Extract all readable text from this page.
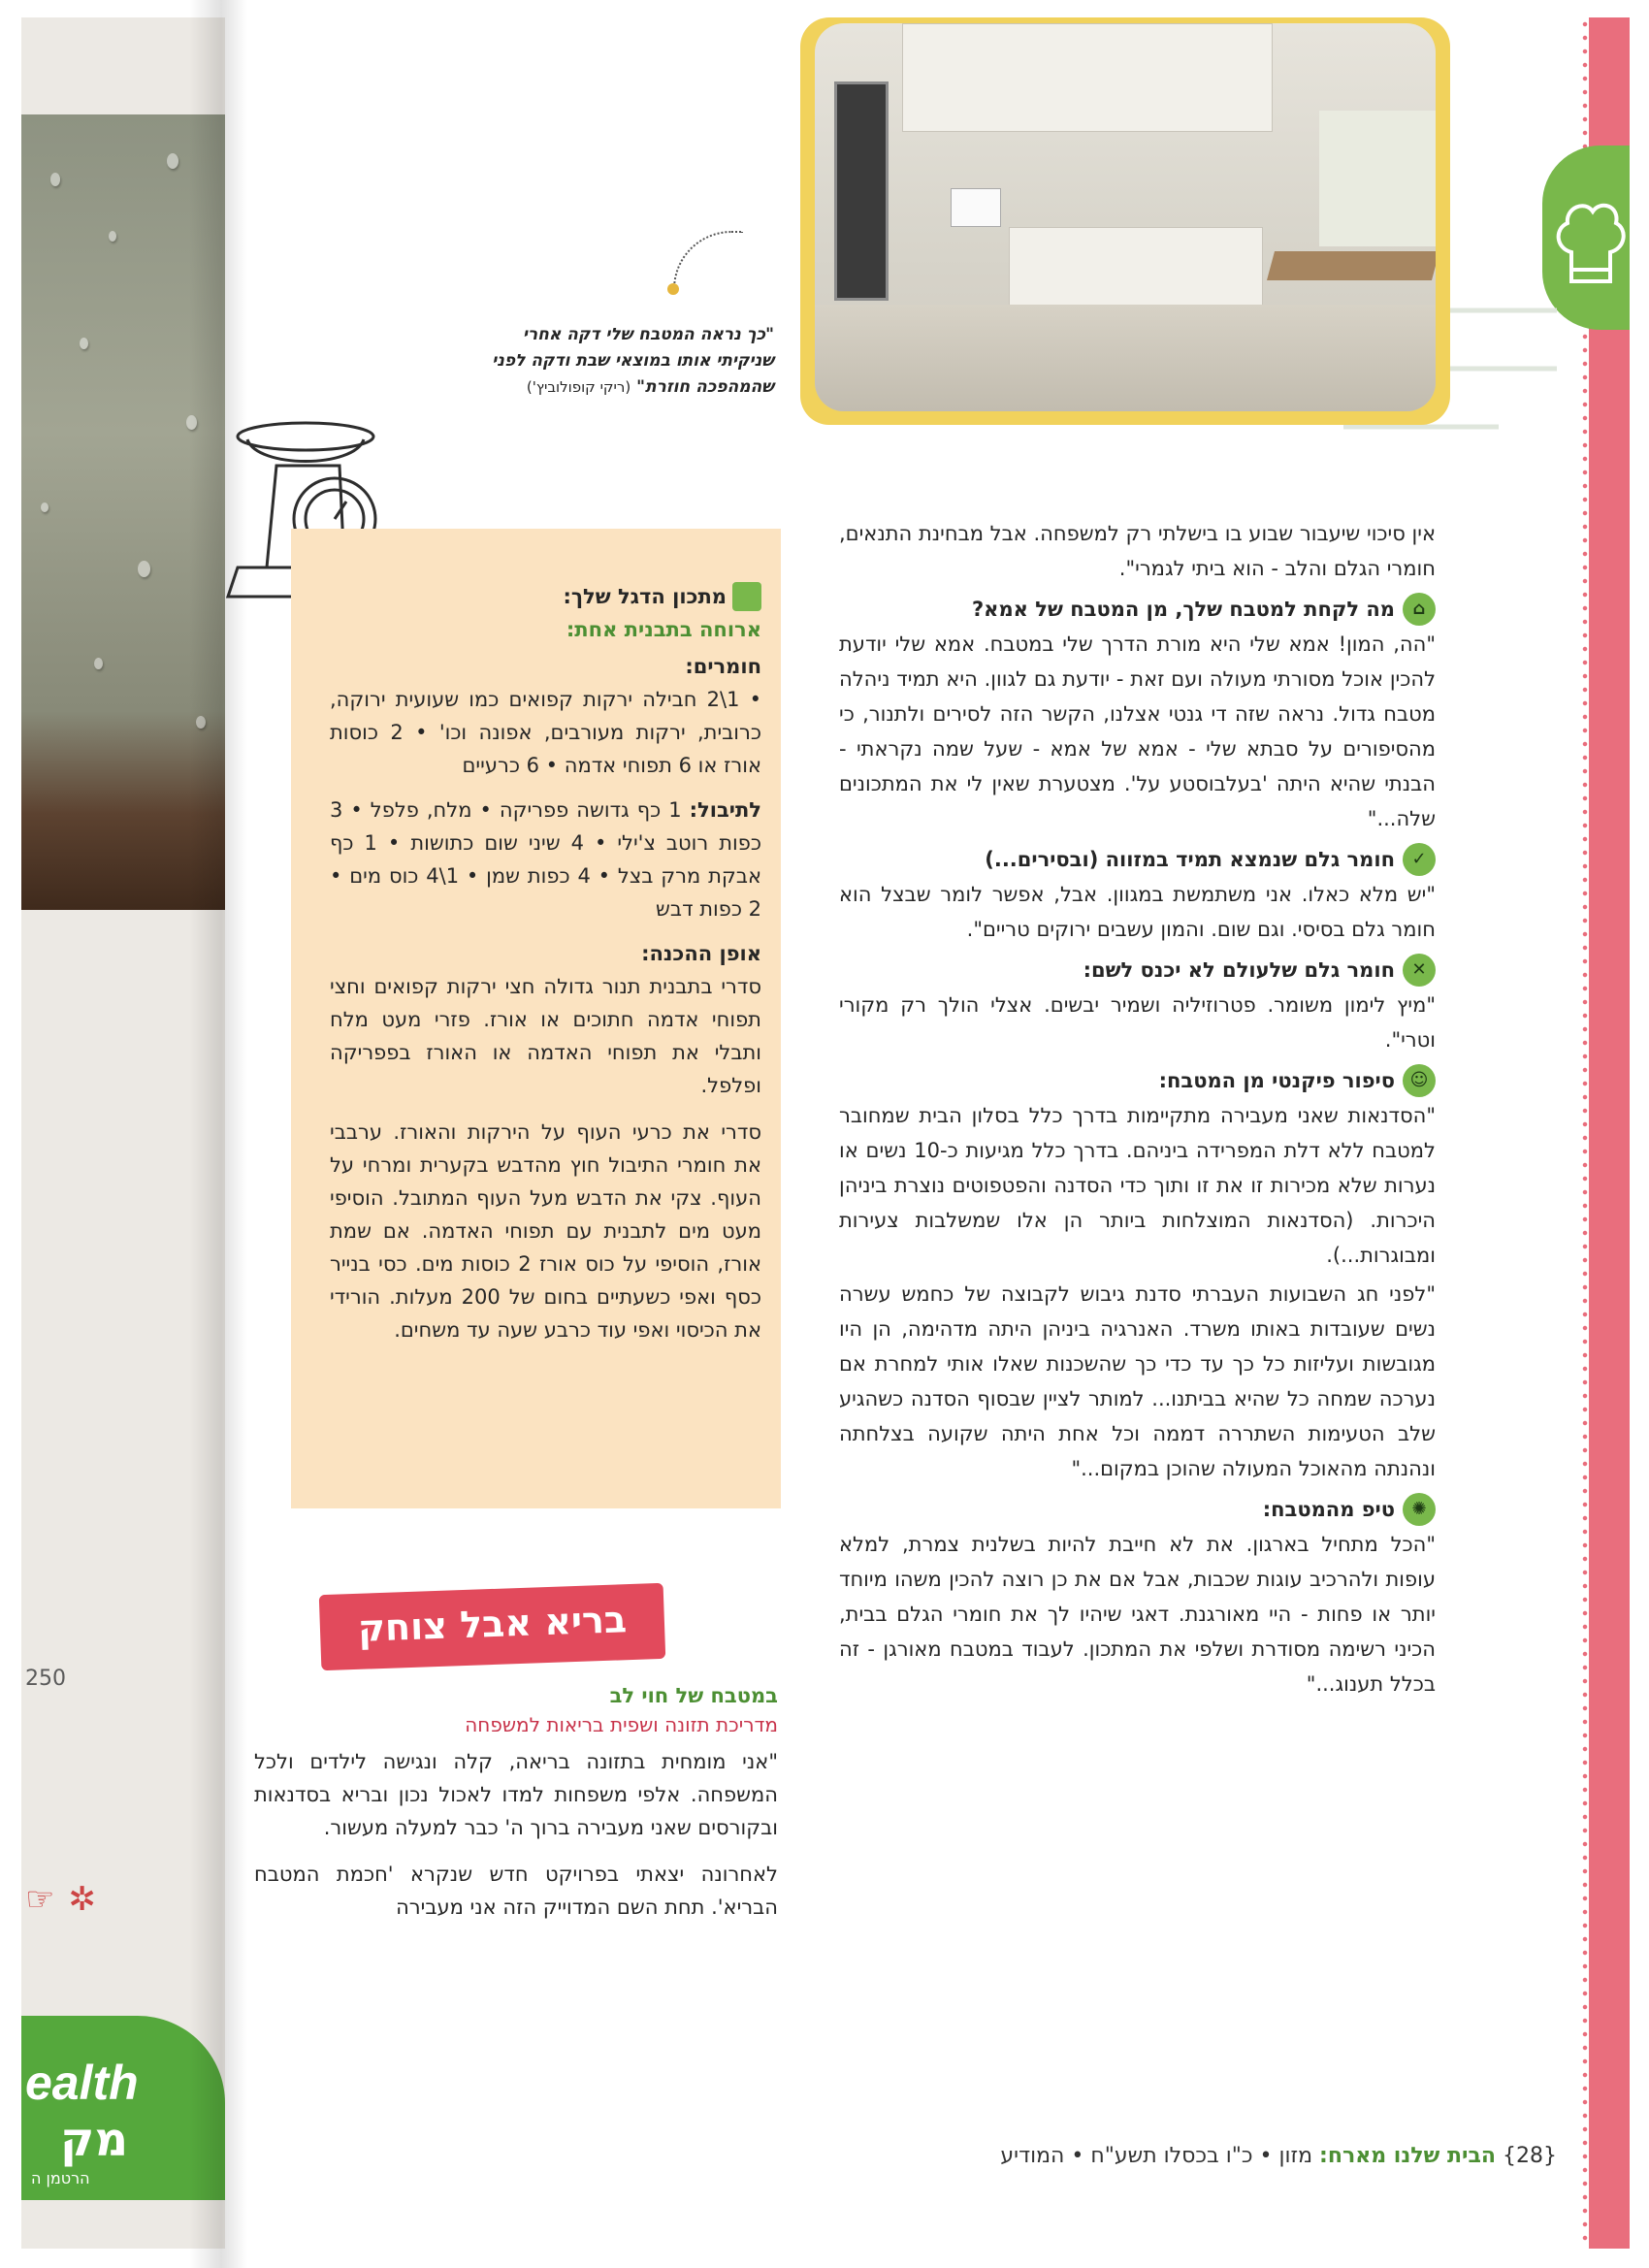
250
☞✲
ealth
מק
הרטמן ה
"כך נראה המטבח שלי דקה אחרי שניקיתי אותו במוצאי שבת ודקה לפני שהמהפכה חוזרת" (ריקי קופולוביץ')
מתכון הדגל שלך:
ארוחה בתבנית אחת:
חומרים:

• 1\2 חבילה ירקות קפואים כמו שעועית ירוקה, כרובית, ירקות מעורבים, אפונה וכו' • 2 כוסות אורז או 6 תפוחי אדמה • 6 כרעיים

לתיבול: 1 כף גדושה פפריקה • מלח, פלפל • 3 כפות רוטב צ'ילי • 4 שיני שום כתושות • 1 כף אבקת מרק בצל • 4 כפות שמן • 1\4 כוס מים • 2 כפות דבש

אופן ההכנה:

סדרי בתבנית תנור גדולה חצי ירקות קפואים וחצי תפוחי אדמה חתוכים או אורז. פזרי מעט מלח ותבלי את תפוחי האדמה או האורז בפפריקה ופלפל.

סדרי את כרעי העוף על הירקות והאורז. ערבבי את חומרי התיבול חוץ מהדבש בקערית ומרחי על העוף. צקי את הדבש מעל העוף המתובל. הוסיפי מעט מים לתבנית עם תפוחי האדמה. אם שמת אורז, הוסיפי על כוס אורז 2 כוסות מים. כסי בנייר כסף ואפי כשעתיים בחום של 200 מעלות. הורידי את הכיסוי ואפי עוד כרבע שעה עד משחים.

אין סיכוי שיעבור שבוע בו בישלתי רק למשפחה. אבל מבחינת התנאים, חומרי הגלם והלב - הוא ביתי לגמרי".

⌂
מה לקחת למטבח שלך, מן המטבח של אמא?

"הה, המון! אמא שלי היא מורת הדרך שלי במטבח. אמא שלי יודעת להכין אוכל מסורתי מעולה ועם זאת - יודעת גם לגוון. היא תמיד ניהלה מטבח גדול. נראה שזה די גנטי אצלנו, הקשר הזה לסירים ולתנור, כי מהסיפורים על סבתא שלי - אמא של אמא - שעל שמה נקראתי - הבנתי שהיא היתה 'בעלבוסטע על'. מצטערת שאין לי את המתכונים שלה..."

✓
חומר גלם שנמצא תמיד במזווה (ובסירים...)

"יש מלא כאלו. אני משתמשת במגוון. אבל, אפשר לומר שבצל הוא חומר גלם בסיסי. וגם שום. והמון עשבים ירוקים טריים".

✕
חומר גלם שלעולם לא יכנס לשם:

"מיץ לימון משומר. פטרוזיליה ושמיר יבשים. אצלי הולך רק מקורי וטרי".

☺
סיפור פיקנטי מן המטבח:

"הסדנאות שאני מעבירה מתקיימות בדרך כלל בסלון הבית שמחובר למטבח ללא דלת המפרידה ביניהם. בדרך כלל מגיעות כ-10 נשים או נערות שלא מכירות זו את זו ותוך כדי הסדנה והפטפוטים נוצרת ביניהן היכרות. (הסדנאות המוצלחות ביותר הן אלו שמשלבות צעירות ומבוגרות...).

"לפני חג השבועות העברתי סדנת גיבוש לקבוצה של כחמש עשרה נשים שעובדות באותו משרד. האנרגיה ביניהן היתה מדהימה, הן היו מגובשות ועליזות כל כך עד כדי כך שהשכנות שאלו אותי למחרת אם נערכה שמחה כל שהיא בביתנו... למותר לציין שבסוף הסדנה כשהגיע שלב הטעימות השתררה דממה וכל אחת היתה שקועה בצלחתה ונהנתה מהאוכל המעולה שהוכן במקום..."

✺
טיפ מהמטבח:

"הכל מתחיל בארגון. את לא חייבת להיות בשלנית צמרת, למלא עופות ולהרכיב עוגות שכבות, אבל אם את כן רוצה להכין משהו מיוחד יותר או פחות - היי מאורגנת. דאגי שיהיו לך את חומרי הגלם בבית, הכיני רשימה מסודרת ושלפי את המתכון. לעבוד במטבח מאורגן - זה בכלל תענוג..."

בריא אבל צוחק
במטבח של חוי לב
מדריכת תזונה ושפית בריאות למשפחה

"אני מומחית בתזונה בריאה, קלה ונגישה לילדים ולכל המשפחה. אלפי משפחות למדו לאכול נכון ובריא בסדנאות ובקורסים שאני מעבירה ברוך ה' כבר למעלה מעשור.

לאחרונה יצאתי בפרויקט חדש שנקרא 'חכמת המטבח הבריא'. תחת השם המדוייק הזה אני מעבירה

{28} הבית שלנו מארח: מזון • כ"ו בכסלו תשע"ח • המודיע
